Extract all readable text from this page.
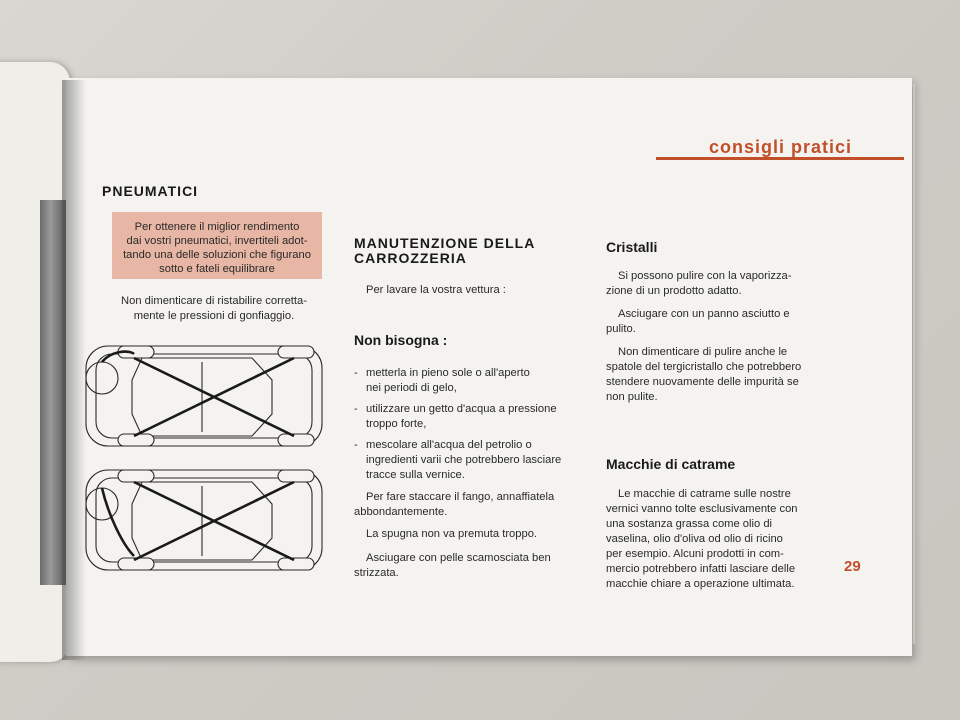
consigli pratici
PNEUMATICI
Per ottenere il miglior rendimento
dai vostri pneumatici, invertiteli adot-
tando una delle soluzioni che figurano
sotto e fateli equilibrare
Non dimenticare di ristabilire corretta-
mente le pressioni di gonfiaggio.
MANUTENZIONE DELLA
CARROZZERIA
Per lavare la vostra vettura :
Non bisogna :
- metterla in pieno sole o all'aperto
nei periodi di gelo,
- utilizzare un getto d'acqua a pressione
troppo forte,
- mescolare all'acqua del petrolio o
ingredienti varii che potrebbero lasciare
tracce sulla vernice.
Per fare staccare il fango, annaffiatela
abbondantemente.
La spugna non va premuta troppo.
Asciugare con pelle scamosciata ben
strizzata.
Cristalli
Si possono pulire con la vaporizza-
zione di un prodotto adatto.
Asciugare con un panno asciutto e
pulito.
Non dimenticare di pulire anche le
spatole del tergicristallo che potrebbero
stendere nuovamente delle impurità se
non pulite.
Macchie di catrame
Le macchie di catrame sulle nostre
vernici vanno tolte esclusivamente con
una sostanza grassa come olio di
vaselina, olio d'oliva od olio di ricino
per esempio. Alcuni prodotti in com-
mercio potrebbero infatti lasciare delle
macchie chiare a operazione ultimata.
29
